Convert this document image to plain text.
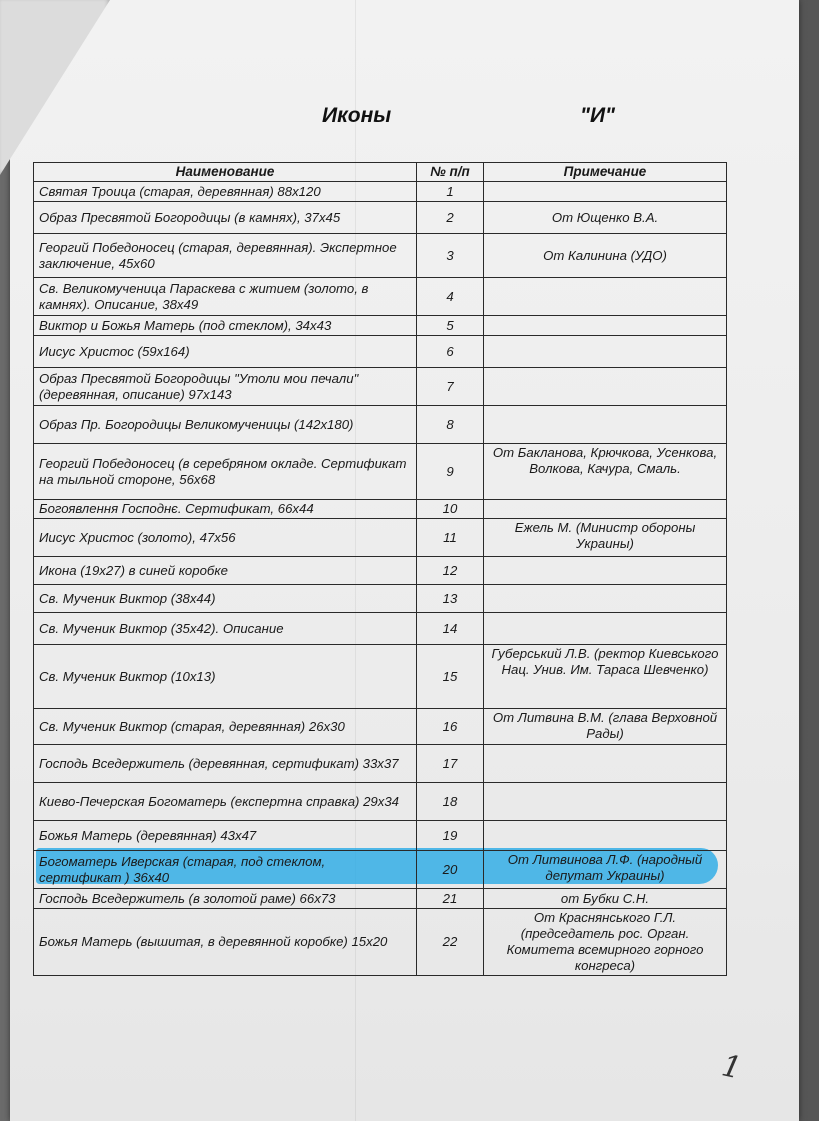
Иконы	"И"
Наименование	№ п/п	Примечание
Святая Троица (старая, деревянная) 88x120	1	
Образ Пресвятой Богородицы (в камнях), 37x45	2	От Ющенко В.А.
Георгий Победоносец (старая, деревянная). Экспертное заключение, 45x60	3	От Калинина (УДО)
Св. Великомученица Параскева с житием (золото, в камнях). Описание, 38x49	4	
Виктор и Божья Матерь (под стеклом), 34x43	5	
Иисус Христос (59x164)	6	
Образ Пресвятой Богородицы "Утоли мои печали"(деревянная, описание) 97x143	7	
Образ Пр. Богородицы Великомученицы (142x180)	8	
Георгий Победоносец (в серебряном окладе. Сертификат на тыльной стороне, 56x68	9	От Бакланова, Крючкова, Усенкова, Волкова, Качура, Смаль.
Богоявлення Господнє. Сертификат, 66x44	10	
Иисус Христос (золото), 47x56	11	Ежель М. (Министр обороны Украины)
Икона (19x27) в синей коробке	12	
Св. Мученик Виктор (38x44)	13	
Св. Мученик Виктор (35x42). Описание	14	
Св. Мученик Виктор (10x13)	15	Губерський Л.В. (ректор Киевського Нац. Унив. Им. Тараса Шевченко)
Св. Мученик Виктор (старая, деревянная) 26x30	16	От Литвина В.М. (глава Верховной Рады)
Господь Вседержитель (деревянная, сертификат) 33x37	17	
Киево-Печерская Богоматерь (експертна справка) 29x34	18	
Божья Матерь (деревянная) 43x47	19	
Богоматерь Иверская (старая, под стеклом, сертификат ) 36x40	20	От Литвинова Л.Ф. (народный депутат Украины)
Господь Вседержитель (в золотой раме) 66x73	21	от Бубки С.Н.
Божья Матерь (вышитая, в деревянной коробке) 15x20	22	От Краснянського Г.Л. (председатель рос. Орган. Комитета всемирного горного конгреса)
1
